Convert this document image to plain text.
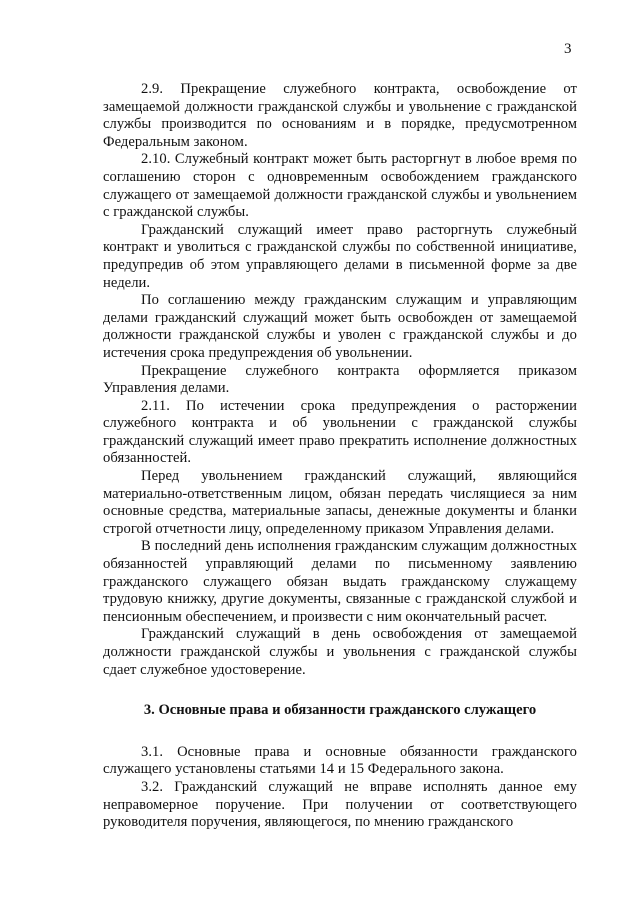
3

2.9. Прекращение служебного контракта, освобождение от замещаемой должности гражданской службы и увольнение с гражданской службы производится по основаниям и в порядке, предусмотренном Федеральным законом.

2.10. Служебный контракт может быть расторгнут в любое время по соглашению сторон с одновременным освобождением гражданского служащего от замещаемой должности гражданской службы и увольнением с гражданской службы.

Гражданский служащий имеет право расторгнуть служебный контракт и уволиться с гражданской службы по собственной инициативе, предупредив об этом управляющего делами в письменной форме за две недели.

По соглашению между гражданским служащим и управляющим делами гражданский служащий может быть освобожден от замещаемой должности гражданской службы и уволен с гражданской службы и до истечения срока предупреждения об увольнении.

Прекращение служебного контракта оформляется приказом Управления делами.

2.11. По истечении срока предупреждения о расторжении служебного контракта и об увольнении с гражданской службы гражданский служащий имеет право прекратить исполнение должностных обязанностей.

Перед увольнением гражданский служащий, являющийся материально-ответственным лицом, обязан передать числящиеся за ним основные средства, материальные запасы, денежные документы и бланки строгой отчетности лицу, определенному приказом Управления делами.

В последний день исполнения гражданским служащим должностных обязанностей управляющий делами по письменному заявлению гражданского служащего обязан выдать гражданскому служащему трудовую книжку, другие документы, связанные с гражданской службой и пенсионным обеспечением, и произвести с ним окончательный расчет.

Гражданский служащий в день освобождения от замещаемой должности гражданской службы и увольнения с гражданской службы сдает служебное удостоверение.

3. Основные права и обязанности гражданского служащего

3.1. Основные права и основные обязанности гражданского служащего установлены статьями 14 и 15 Федерального закона.

3.2. Гражданский служащий не вправе исполнять данное ему неправомерное поручение. При получении от соответствующего руководителя поручения, являющегося, по мнению гражданского
